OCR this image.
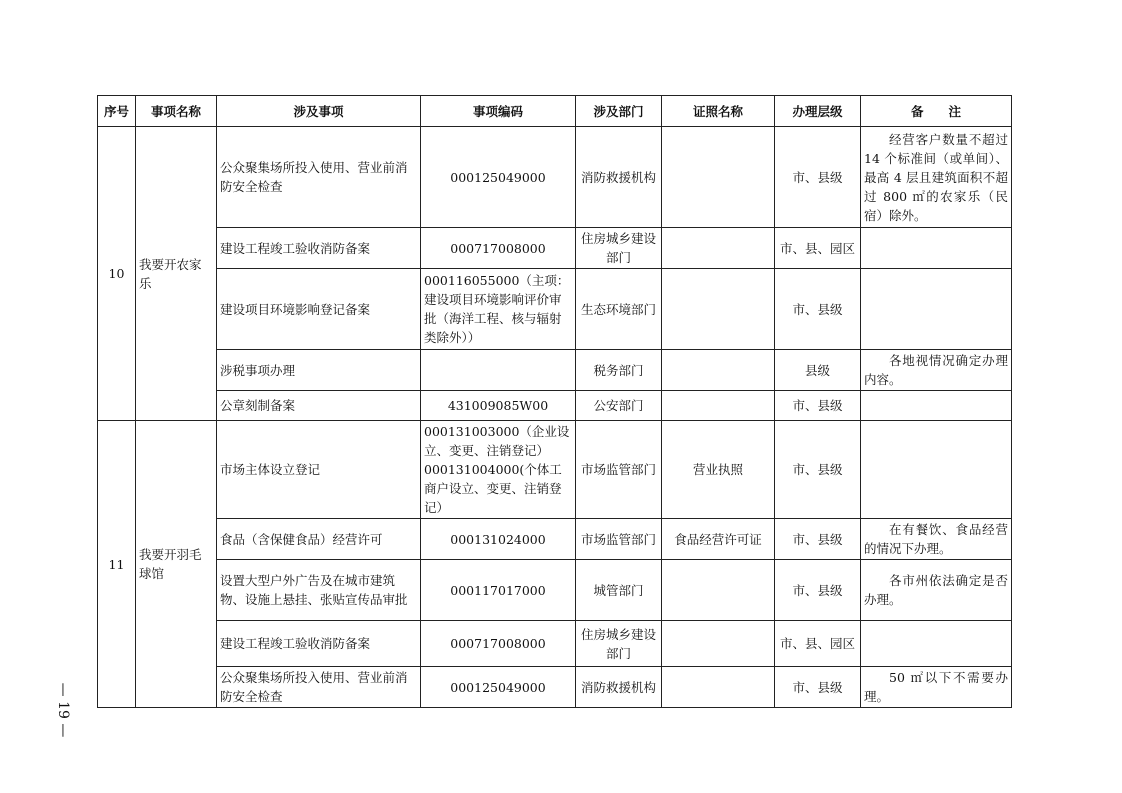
序号	事项名称	涉及事项	事项编码	涉及部门	证照名称	办理层级	备　　注
10	我要开农家乐	公众聚集场所投入使用、营业前消防安全检查	000125049000	消防救援机构		市、县级	经营客户数量不超过 14 个标准间（或单间）、最高 4 层且建筑面积不超过 800 ㎡的农家乐（民宿）除外。
		建设工程竣工验收消防备案	000717008000	住房城乡建设部门		市、县、园区	
		建设项目环境影响登记备案	000116055000（主项：建设项目环境影响评价审批（海洋工程、核与辐射类除外））	生态环境部门		市、县级	
		涉税事项办理		税务部门		县级	各地视情况确定办理内容。
		公章刻制备案	431009085W00	公安部门		市、县级	
11	我要开羽毛球馆	市场主体设立登记	000131003000（企业设立、变更、注销登记）000131004000(个体工商户设立、变更、注销登记）	市场监管部门	营业执照	市、县级	
		食品（含保健食品）经营许可	000131024000	市场监管部门	食品经营许可证	市、县级	在有餐饮、食品经营的情况下办理。
		设置大型户外广告及在城市建筑物、设施上悬挂、张贴宣传品审批	000117017000	城管部门		市、县级	各市州依法确定是否办理。
		建设工程竣工验收消防备案	000717008000	住房城乡建设部门		市、县、园区	
		公众聚集场所投入使用、营业前消防安全检查	000125049000	消防救援机构		市、县级	50 ㎡以下不需要办理。
— 19 —
